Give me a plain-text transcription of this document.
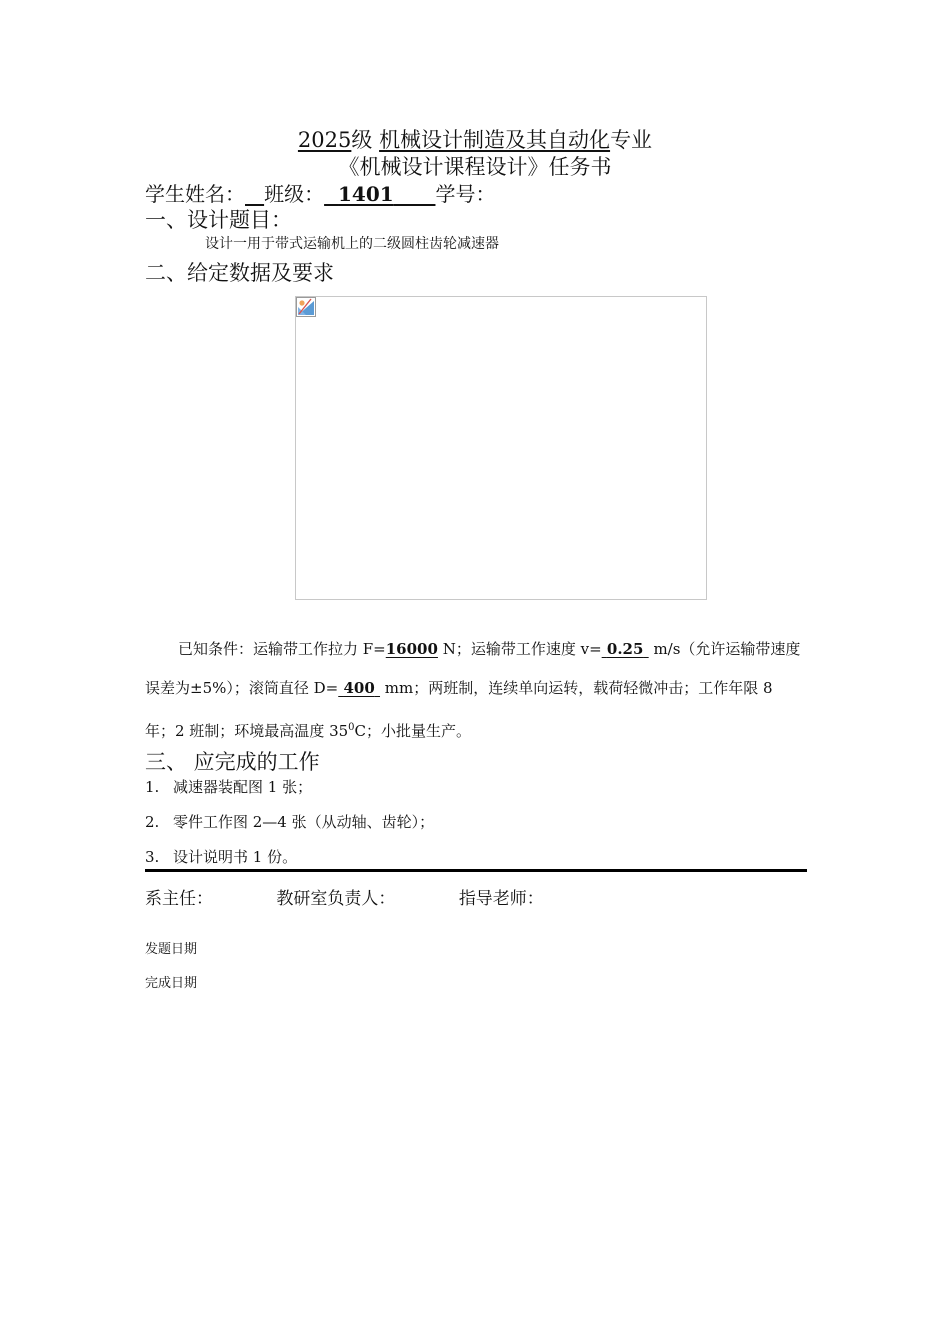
2025级 机械设计制造及其自动化专业
《机械设计课程设计》任务书
学生姓名： 班级： 1401 学号：
一、设计题目：
设计一用于带式运输机上的二级圆柱齿轮减速器
二、给定数据及要求
已知条件：运输带工作拉力 F=16000 N；运输带工作速度 v= 0.25  m/s（允许运输带速度误差为±5%）；滚筒直径 D= 400  mm；两班制，连续单向运转，载荷轻微冲击；工作年限 8 年；2 班制；环境最高温度 $35^0C$；小批量生产。
三、 应完成的工作
1. 减速器装配图 1 张；
2. 零件工作图 2—4 张（从动轴、齿轮）；
3. 设计说明书 1 份。
系主任：	教研室负责人：	指导老师：
发题日期
完成日期
